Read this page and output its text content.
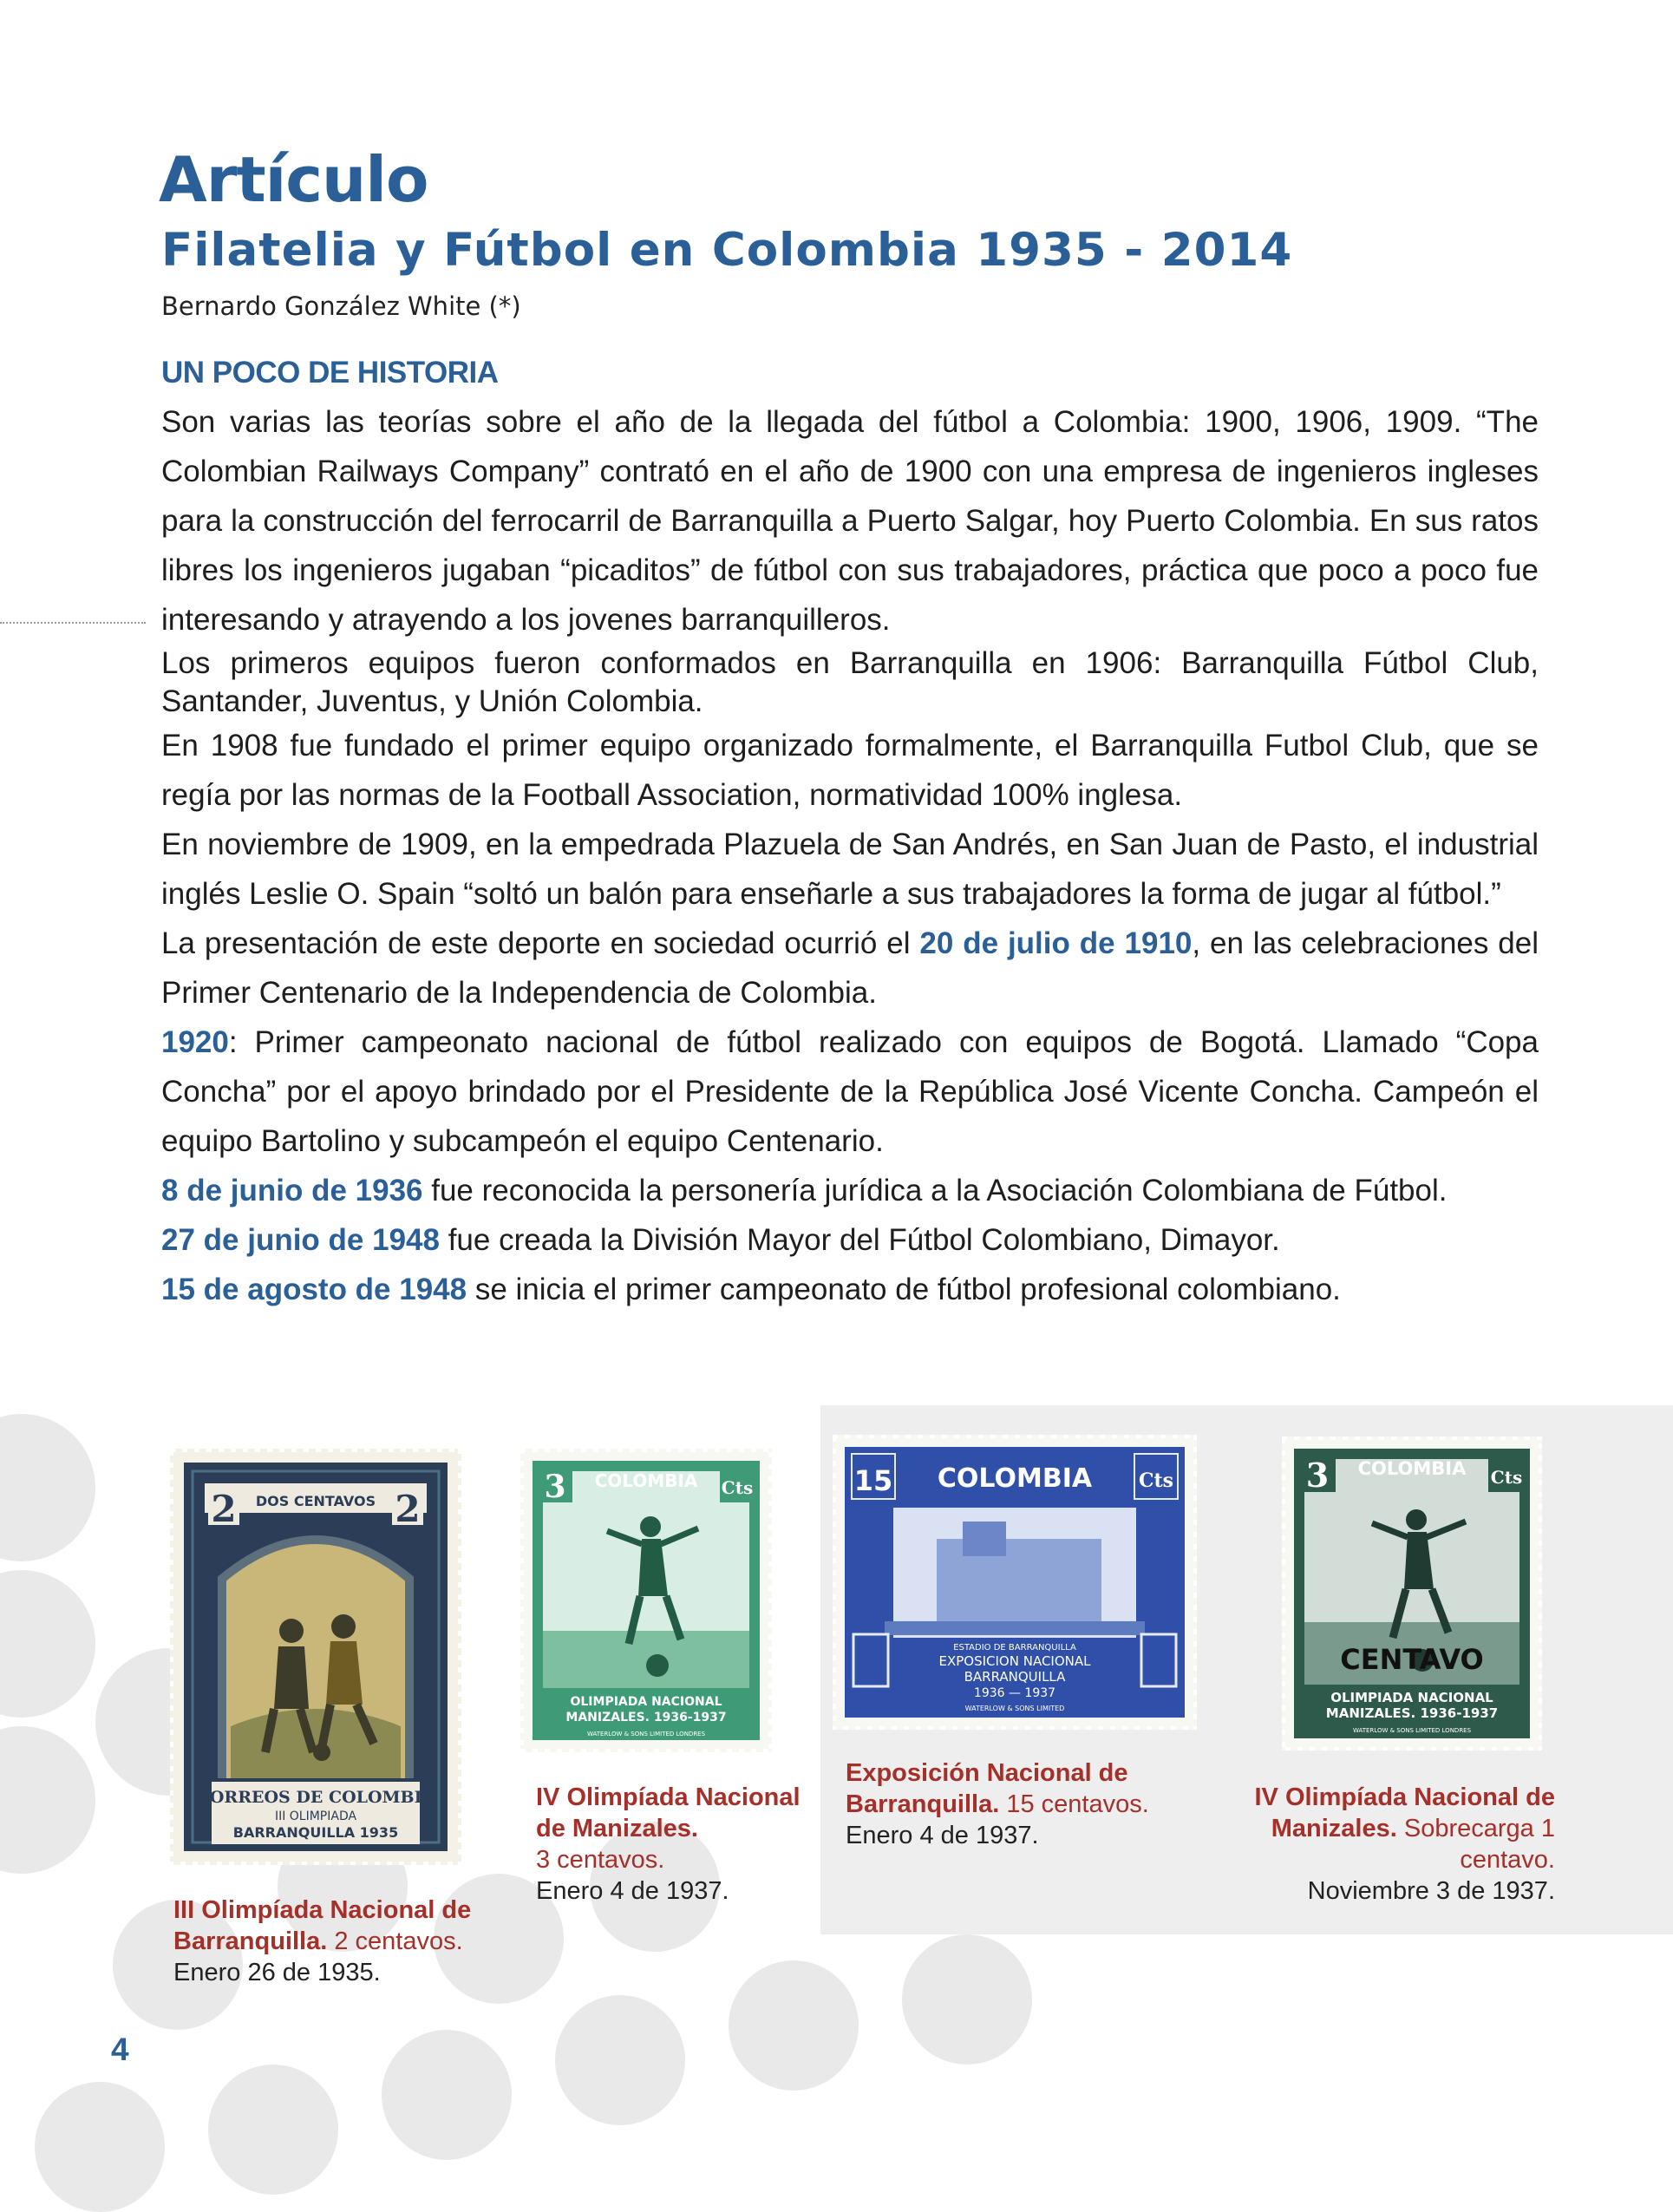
Artículo
Filatelia y Fútbol en Colombia 1935 - 2014
Bernardo González White (*)
UN POCO DE HISTORIA

Son varias las teorías sobre el año de la llegada del fútbol a Colombia: 1900, 1906, 1909. “The Colombian Railways Company” contrató en el año de 1900 con una empresa de ingenieros ingleses para la construcción del ferrocarril de Barranquilla a Puerto Salgar, hoy Puerto Colombia. En sus ratos libres los ingenieros jugaban “picaditos” de fútbol con sus trabajadores, práctica que poco a poco fue interesando y atrayendo a los jovenes barranquilleros.

Los primeros equipos fueron conformados en Barranquilla en 1906: Barranquilla Fútbol Club, Santander, Juventus, y Unión Colombia.

En 1908 fue fundado el primer equipo organizado formalmente, el Barranquilla Futbol Club, que se regía por las normas de la Football Association, normatividad 100% inglesa.

En noviembre de 1909, en la empedrada Plazuela de San Andrés, en San Juan de Pasto, el industrial inglés Leslie O. Spain “soltó un balón para enseñarle a sus trabajadores la forma de jugar al fútbol.”

La presentación de este deporte en sociedad ocurrió el 20 de julio de 1910, en las celebraciones del Primer Centenario de la Independencia de Colombia.

1920: Primer campeonato nacional de fútbol realizado con equipos de Bogotá. Llamado “Copa Concha” por el apoyo brindado por el Presidente de la República José Vicente Concha. Campeón el equipo Bartolino y subcampeón el equipo Centenario.

8 de junio de 1936 fue reconocida la personería jurídica a la Asociación Colombiana de Fútbol.

27 de junio de 1948 fue creada la División Mayor del Fútbol Colombiano, Dimayor.

15 de agosto de 1948 se inicia el primer campeonato de fútbol profesional colombiano.

2	2
DOS CENTAVOS
CORREOS DE COLOMBIA
III OLIMPIADA
BARRANQUILLA 1935
III Olimpíada Nacional de Barranquilla. 2 centavos.
Enero 26 de 1935.
3	Cts
COLOMBIA
OLIMPIADA NACIONAL
MANIZALES. 1936-1937
WATERLOW & SONS LIMITED LONDRES
IV Olimpíada Nacional de Manizales.
3 centavos.
Enero 4 de 1937.
15	Cts
COLOMBIA
ESTADIO DE BARRANQUILLA
EXPOSICION NACIONAL
BARRANQUILLA
1936 — 1937
WATERLOW & SONS LIMITED
Exposición Nacional de Barranquilla. 15 centavos.
Enero 4 de 1937.
3	Cts
COLOMBIA
CENTAVO
OLIMPIADA NACIONAL
MANIZALES. 1936-1937
WATERLOW & SONS LIMITED LONDRES
IV Olimpíada Nacional de Manizales. Sobrecarga 1 centavo.
Noviembre 3 de 1937.
4
